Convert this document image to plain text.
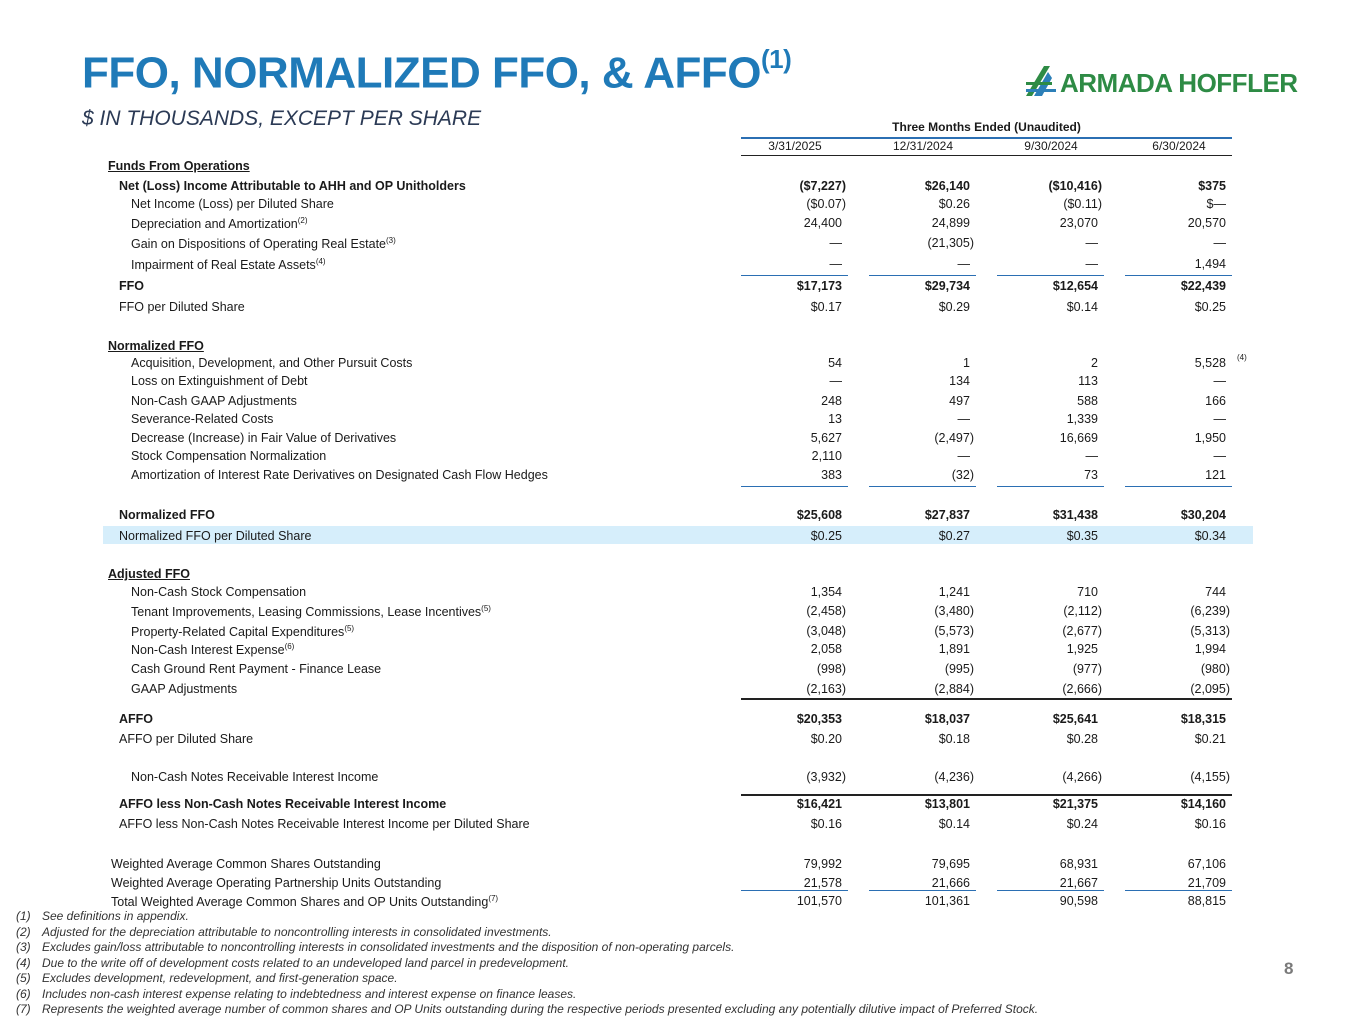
FFO, NORMALIZED FFO, & AFFO$^{(1)}$
$ IN THOUSANDS, EXCEPT PER SHARE
ARMADA HOFFLER
Three Months Ended (Unaudited)
3/31/2025	12/31/2024	9/30/2024	6/30/2024
Funds From Operations
Net (Loss) Income Attributable to AHH and OP Unitholders	($7,227)	$26,140	($10,416)	$375
Net Income (Loss) per Diluted Share	($0.07)	$0.26	($0.11)	$—
Depreciation and Amortization$^{(2)}$	24,400	24,899	23,070	20,570
Gain on Dispositions of Operating Real Estate$^{(3)}$	—	(21,305)	—	—
Impairment of Real Estate Assets$^{(4)}$	—	—	—	1,494
FFO	$17,173	$29,734	$12,654	$22,439
FFO per Diluted Share	$0.17	$0.29	$0.14	$0.25
Normalized FFO
Acquisition, Development, and Other Pursuit Costs	54	1	2	5,528
Loss on Extinguishment of Debt	—	134	113	—
Non-Cash GAAP Adjustments	248	497	588	166
Severance-Related Costs	13	—	1,339	—
Decrease (Increase) in Fair Value of Derivatives	5,627	(2,497)	16,669	1,950
Stock Compensation Normalization	2,110	—	—	—
Amortization of Interest Rate Derivatives on Designated Cash Flow Hedges	383	(32)	73	121
Normalized FFO	$25,608	$27,837	$31,438	$30,204
Normalized FFO per Diluted Share	$0.25	$0.27	$0.35	$0.34
Adjusted FFO
Non-Cash Stock Compensation	1,354	1,241	710	744
Tenant Improvements, Leasing Commissions, Lease Incentives$^{(5)}$	(2,458)	(3,480)	(2,112)	(6,239)
Property-Related Capital Expenditures$^{(5)}$	(3,048)	(5,573)	(2,677)	(5,313)
Non-Cash Interest Expense$^{(6)}$	2,058	1,891	1,925	1,994
Cash Ground Rent Payment - Finance Lease	(998)	(995)	(977)	(980)
GAAP Adjustments	(2,163)	(2,884)	(2,666)	(2,095)
AFFO	$20,353	$18,037	$25,641	$18,315
AFFO per Diluted Share	$0.20	$0.18	$0.28	$0.21
Non-Cash Notes Receivable Interest Income	(3,932)	(4,236)	(4,266)	(4,155)
AFFO less Non-Cash Notes Receivable Interest Income	$16,421	$13,801	$21,375	$14,160
AFFO less Non-Cash Notes Receivable Interest Income per Diluted Share	$0.16	$0.14	$0.24	$0.16
Weighted Average Common Shares Outstanding	79,992	79,695	68,931	67,106
Weighted Average Operating Partnership Units Outstanding	21,578	21,666	21,667	21,709
Total Weighted Average Common Shares and OP Units Outstanding$^{(7)}$	101,570	101,361	90,598	88,815
(4)
(1) See definitions in appendix.
(2) Adjusted for the depreciation attributable to noncontrolling interests in consolidated investments.
(3) Excludes gain/loss attributable to noncontrolling interests in consolidated investments and the disposition of non-operating parcels.
(4) Due to the write off of development costs related to an undeveloped land parcel in predevelopment.
(5) Excludes development, redevelopment, and first-generation space.
(6) Includes non-cash interest expense relating to indebtedness and interest expense on finance leases.
(7) Represents the weighted average number of common shares and OP Units outstanding during the respective periods presented excluding any potentially dilutive impact of Preferred Stock.
8
